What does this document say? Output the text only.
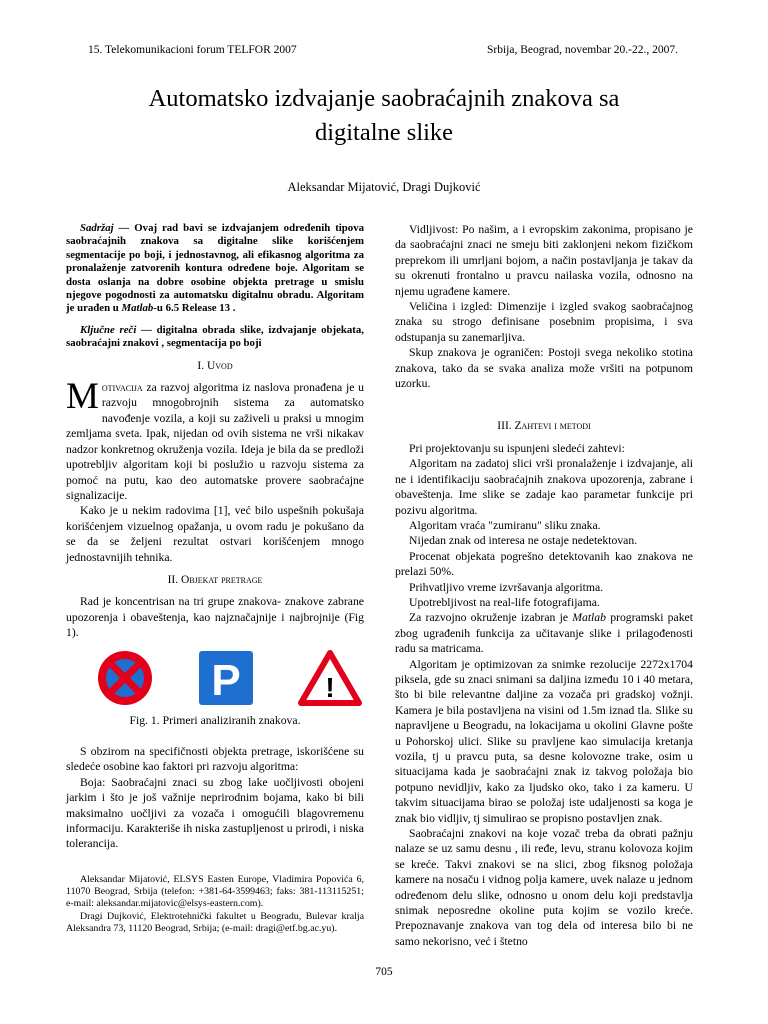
15. Telekomunikacioni forum TELFOR 2007	Srbija, Beograd, novembar 20.-22., 2007.
Automatsko izdvajanje saobraćajnih znakova sa
digitalne slike
Aleksandar Mijatović, Dragi Dujković

Sadržaj — Ovaj rad bavi se izdvajanjem određenih tipova saobraćajnih znakova sa digitalne slike korišćenjem segmentacije po boji, i jednostavnog, ali efikasnog algoritma za pronalaženje zatvorenih kontura određene boje. Algoritam se dosta oslanja na dobre osobine objekta pretrage u smislu njegove pogodnosti za automatsku digitalnu obradu. Algoritam je urađen u Matlab-u 6.5 Release 13 .

Ključne reči — digitalna obrada slike, izdvajanje objekata, saobraćajni znakovi , segmentacija po boji

I. Uvod

Motivacija za razvoj algoritma iz naslova pronađena je u razvoju mnogobrojnih sistema za automatsko navođenje vozila, a koji su zaživeli u praksi u mnogim zemljama sveta. Ipak, nijedan od ovih sistema ne vrši nikakav nadzor konkretnog okruženja vozila. Ideja je bila da se predloži upotrebljiv algoritam koji bi poslužio u razvoju sistema za pomoć na putu, kao deo automatske provere saobraćajne signalizacije.

Kako je u nekim radovima [1], već bilo uspešnih pokušaja korišćenjem vizuelnog opažanja, u ovom radu je pokušano da se da se željeni rezultat ostvari korišćenjem mnogo jednostavnijih tehnika.

II. Objekat pretrage

Rad je koncentrisan na tri grupe znakova- znakove zabrane upozorenja i obaveštenja, kao najznačajnije i najbrojnije (Fig 1).

P	!

Fig. 1. Primeri analiziranih znakova.

S obzirom na specifičnosti objekta pretrage, iskorišćene su sledeće osobine kao faktori pri razvoju algoritma:

Boja: Saobraćajni znaci su zbog lake uočljivosti obojeni jarkim i što je još važnije neprirodnim bojama, kako bi bili maksimalno uočljivi za vozača i omogućili blagovremenu informaciju. Karakteriše ih niska zastupljenost u prirodi, i niska tolerancija.

Aleksandar Mijatović, ELSYS Easten Europe, Vladimira Popovića 6, 11070 Beograd, Srbija (telefon: +381-64-3599463; faks: 381-113115251; e-mail: aleksandar.mijatovic@elsys-eastern.com).

Dragi Dujković, Elektrotehnički fakultet u Beogradu, Bulevar kralja Aleksandra 73, 11120 Beograd, Srbija; (e-mail: dragi@etf.bg.ac.yu).

Vidljivost: Po našim, a i evropskim zakonima, propisano je da saobraćajni znaci ne smeju biti zaklonjeni nekom fizičkom preprekom ili umrljani bojom, a način postavljanja je takav da su okrenuti frontalno u pravcu nailaska vozila, odnosno na njemu ugrađene kamere.

Veličina i izgled: Dimenzije i izgled svakog saobraćajnog znaka su strogo definisane posebnim propisima, i sva odstupanja su zanemarljiva.

Skup znakova je ograničen: Postoji svega nekoliko stotina znakova, tako da se svaka analiza može vršiti na potpunom uzorku.

III. Zahtevi i metodi

Pri projektovanju su ispunjeni sledeći zahtevi:

Algoritam na zadatoj slici vrši pronalaženje i izdvajanje, ali ne i identifikaciju saobraćajnih znakova upozorenja, zabrane i obaveštenja. Ime slike se zadaje kao parametar funkcije pri pozivu algoritma.

Algoritam vraća "zumiranu" sliku znaka.

Nijedan znak od interesa ne ostaje nedetektovan.

Procenat objekata pogrešno detektovanih kao znakova ne prelazi 50%.

Prihvatljivo vreme izvršavanja algoritma.

Upotrebljivost na real-life fotografijama.

Za razvojno okruženje izabran je Matlab programski paket zbog ugrađenih funkcija za učitavanje slike i prilagođenosti radu sa matricama.

Algoritam je optimizovan za snimke rezolucije 2272x1704 piksela, gde su znaci snimani sa daljina između 10 i 40 metara, što bi bile relevantne daljine za vozača pri gradskoj vožnji. Kamera je bila postavljena na visini od 1.5m iznad tla. Slike su napravljene u Beogradu, na lokacijama u okolini Glavne pošte u Pohorskoj ulici. Slike su pravljene kao simulacija kretanja vozila, tj u pravcu puta, sa desne kolovozne trake, osim u situacijama kada je saobraćajni znak iz takvog položaja bio potpuno nevidljiv, kako za ljudsko oko, tako i za kameru. U takvim situacijama birao se položaj iste udaljenosti sa koga je znak bio vidljiv, tj simulirao se propisno postavljen znak.

Saobraćajni znakovi na koje vozač treba da obrati pažnju nalaze se uz samu desnu , ili ređe, levu, stranu kolovoza kojim se kreće. Takvi znakovi se na slici, zbog fiksnog položaja kamere na nosaču i vidnog polja kamere, uvek nalaze u jednom određenom delu slike, odnosno u onom delu koji predstavlja snimak neposredne okoline puta kojim se vozilo kreće. Prepoznavanje znakova van tog dela od interesa bilo bi ne samo nekorisno, već i štetno

705
